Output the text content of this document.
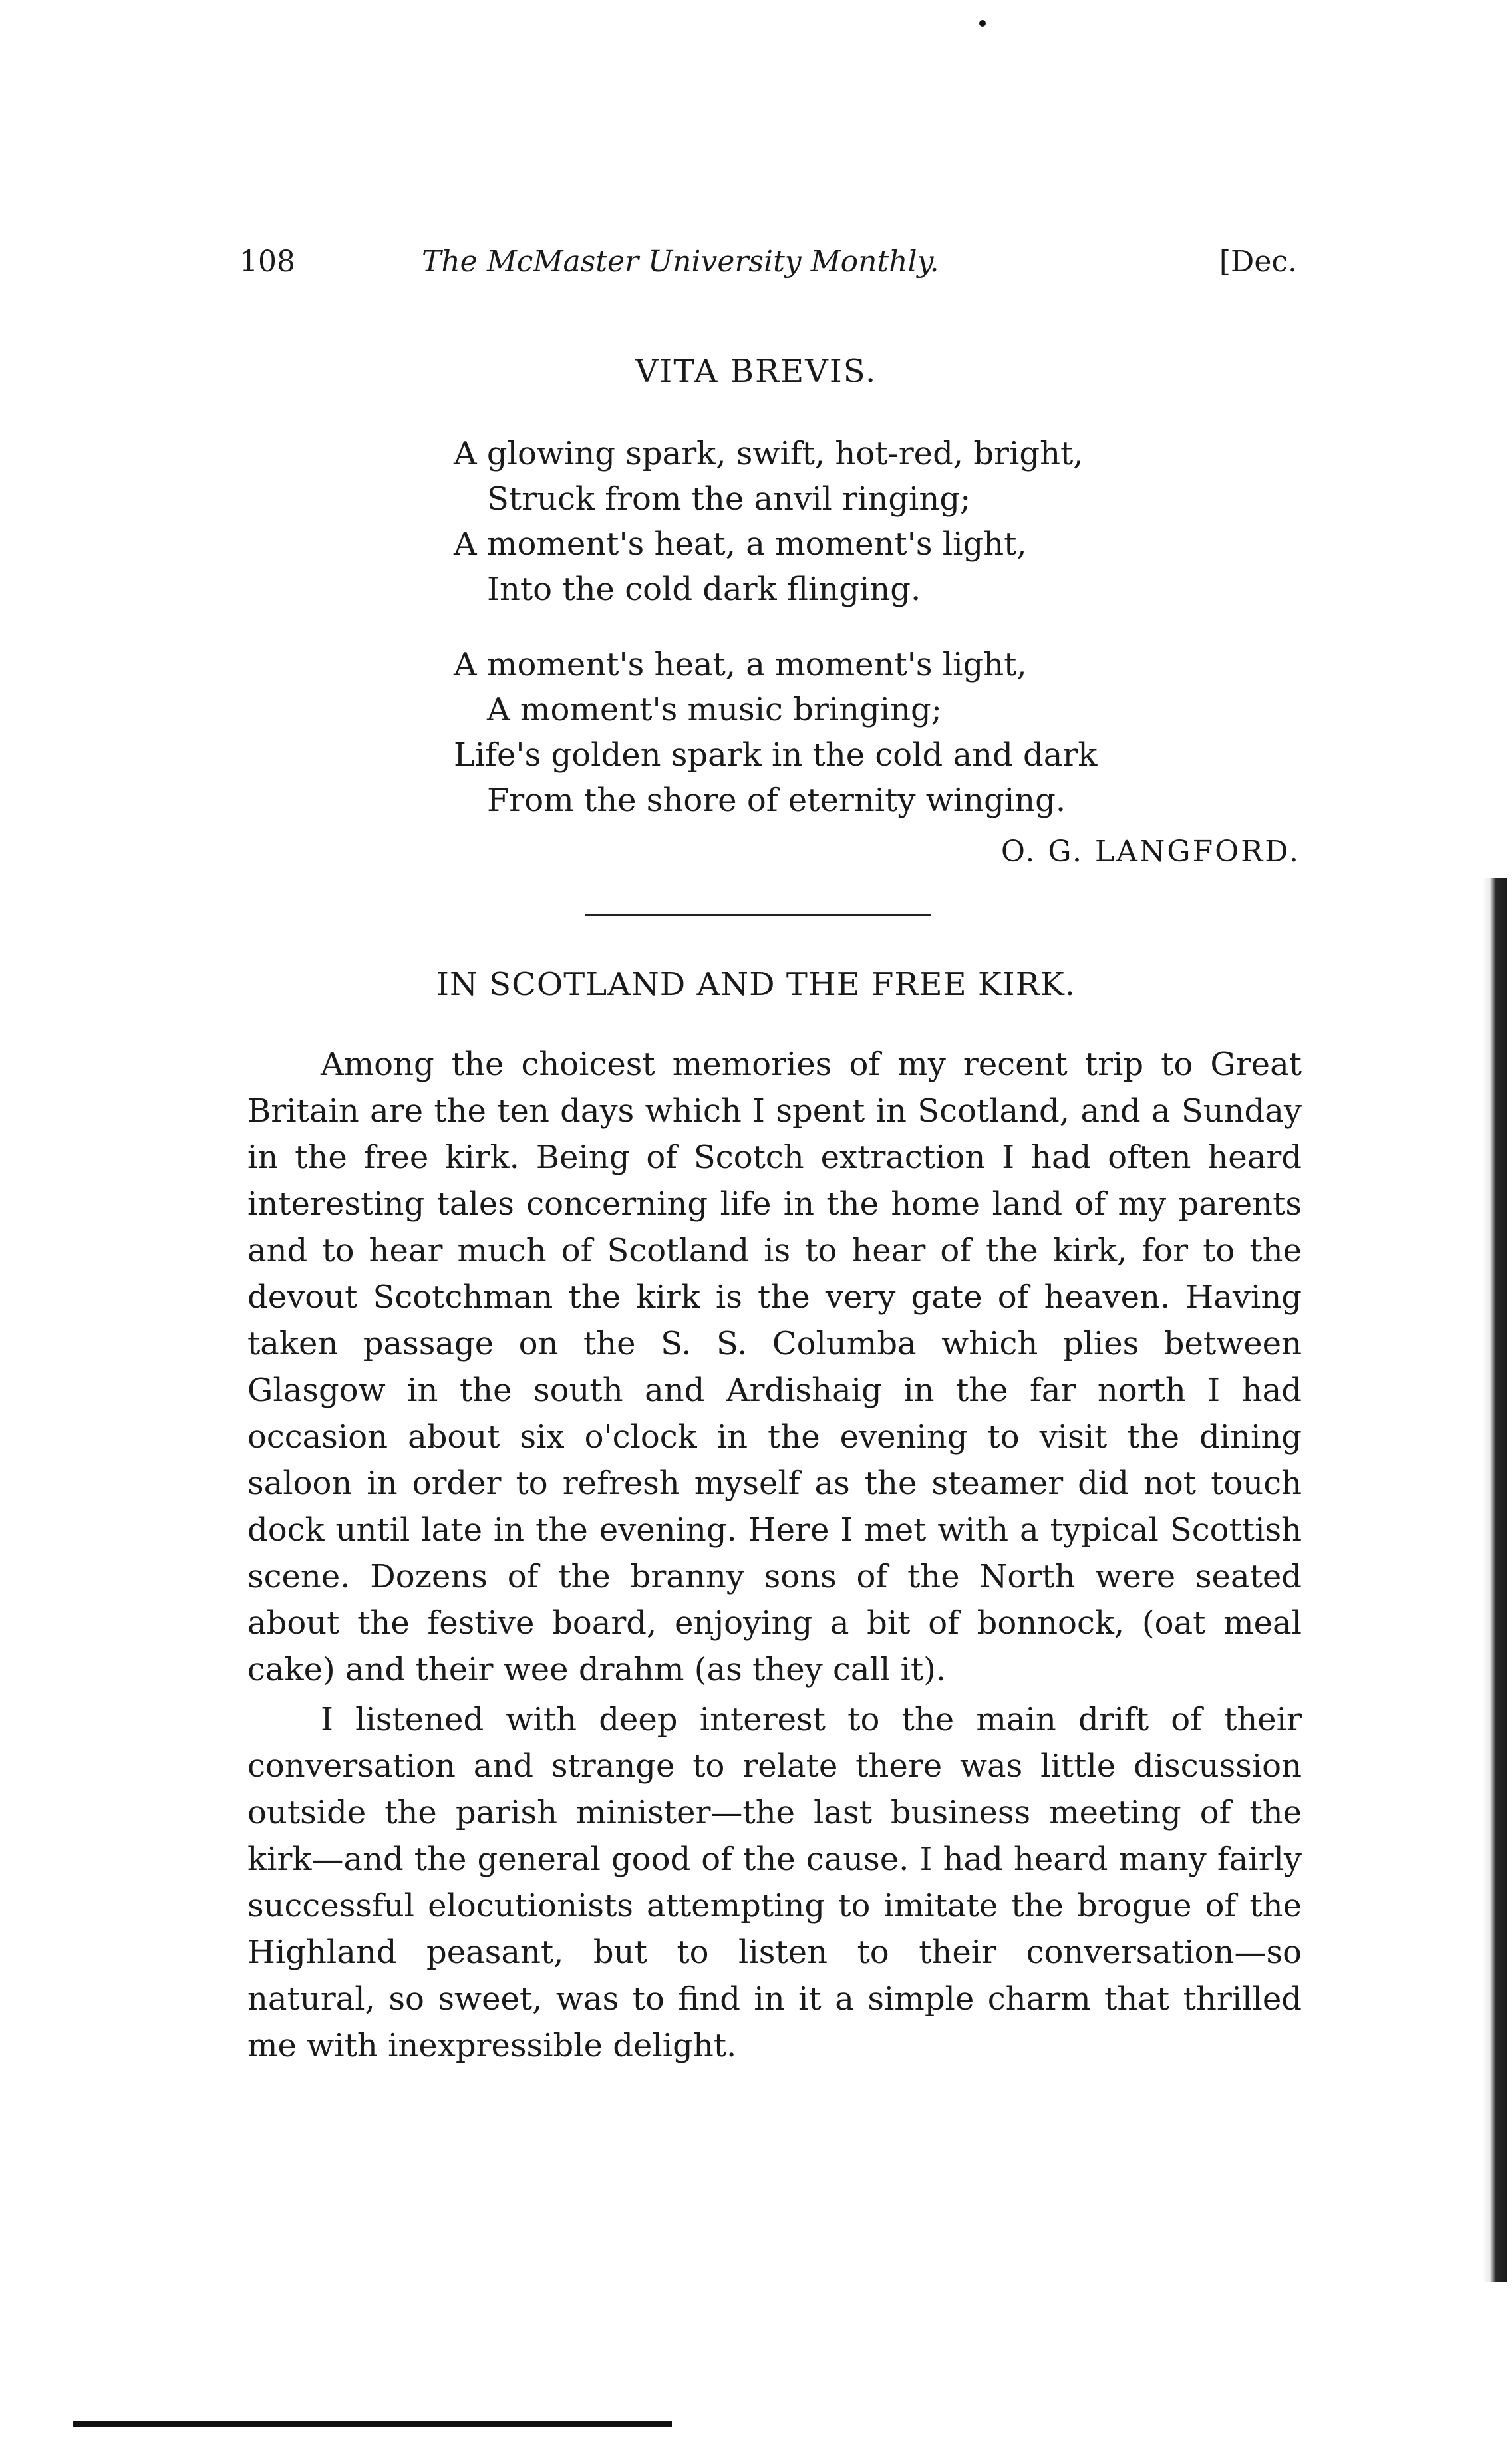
108	The McMaster University Monthly.	[Dec.
VITA BREVIS.
A glowing spark, swift, hot-red, bright,
Struck from the anvil ringing;
A moment's heat, a moment's light,
Into the cold dark flinging.
A moment's heat, a moment's light,
A moment's music bringing;
Life's golden spark in the cold and dark
From the shore of eternity winging.
O. G. LANGFORD.
IN SCOTLAND AND THE FREE KIRK.

Among the choicest memories of my recent trip to Great Britain are the ten days which I spent in Scotland, and a Sunday in the free kirk. Being of Scotch extraction I had often heard interesting tales concerning life in the home land of my parents and to hear much of Scotland is to hear of the kirk, for to the devout Scotchman the kirk is the very gate of heaven. Having taken passage on the S. S. Columba which plies between Glasgow in the south and Ardishaig in the far north I had occasion about six o'clock in the evening to visit the dining saloon in order to refresh myself as the steamer did not touch dock until late in the evening. Here I met with a typical Scottish scene. Dozens of the branny sons of the North were seated about the festive board, enjoying a bit of bonnock, (oat meal cake) and their wee drahm (as they call it).

I listened with deep interest to the main drift of their conversation and strange to relate there was little discussion outside the parish minister—the last business meeting of the kirk—and the general good of the cause. I had heard many fairly successful elocutionists attempting to imitate the brogue of the Highland peasant, but to listen to their conversation—so natural, so sweet, was to find in it a simple charm that thrilled me with inexpressible delight.
